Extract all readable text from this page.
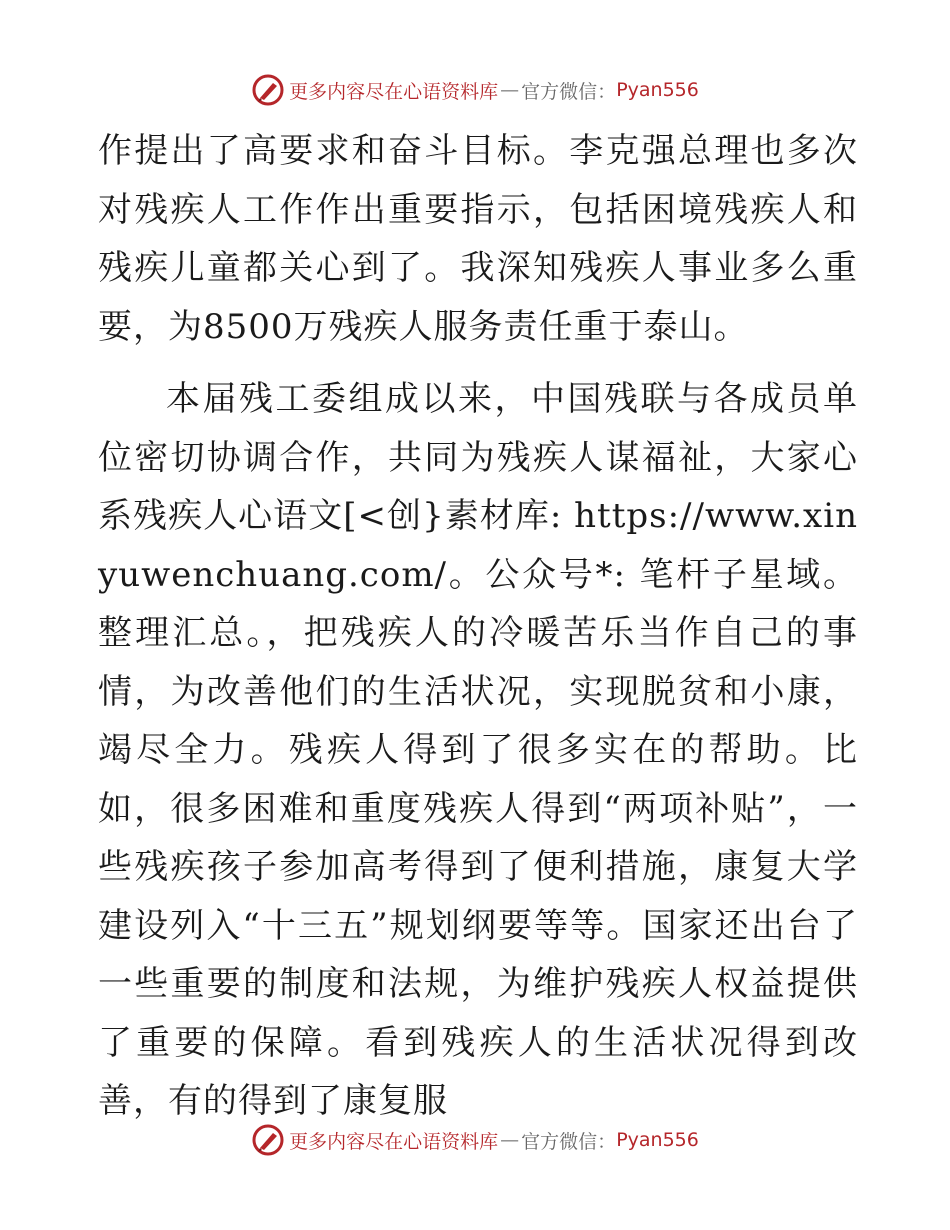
更多内容尽在心语资料库 — 官方微信： Pyan556

作提出了高要求和奋斗目标。李克强总理也多次对残疾人工作作出重要指示，包括困境残疾人和残疾儿童都关心到了。我深知残疾人事业多么重要，为8500万残疾人服务责任重于泰山。

本届残工委组成以来，中国残联与各成员单位密切协调合作，共同为残疾人谋福祉，大家心系残疾人心语文[<创}素材库: https://www.xinyuwenchuang.com/。公众号*: 笔杆子星域。整理汇总。，把残疾人的冷暖苦乐当作自己的事情，为改善他们的生活状况，实现脱贫和小康，竭尽全力。残疾人得到了很多实在的帮助。比如，很多困难和重度残疾人得到“两项补贴”，一些残疾孩子参加高考得到了便利措施，康复大学建设列入“十三五”规划纲要等等。国家还出台了一些重要的制度和法规，为维护残疾人权益提供了重要的保障。看到残疾人的生活状况得到改善，有的得到了康复服

更多内容尽在心语资料库 — 官方微信： Pyan556
